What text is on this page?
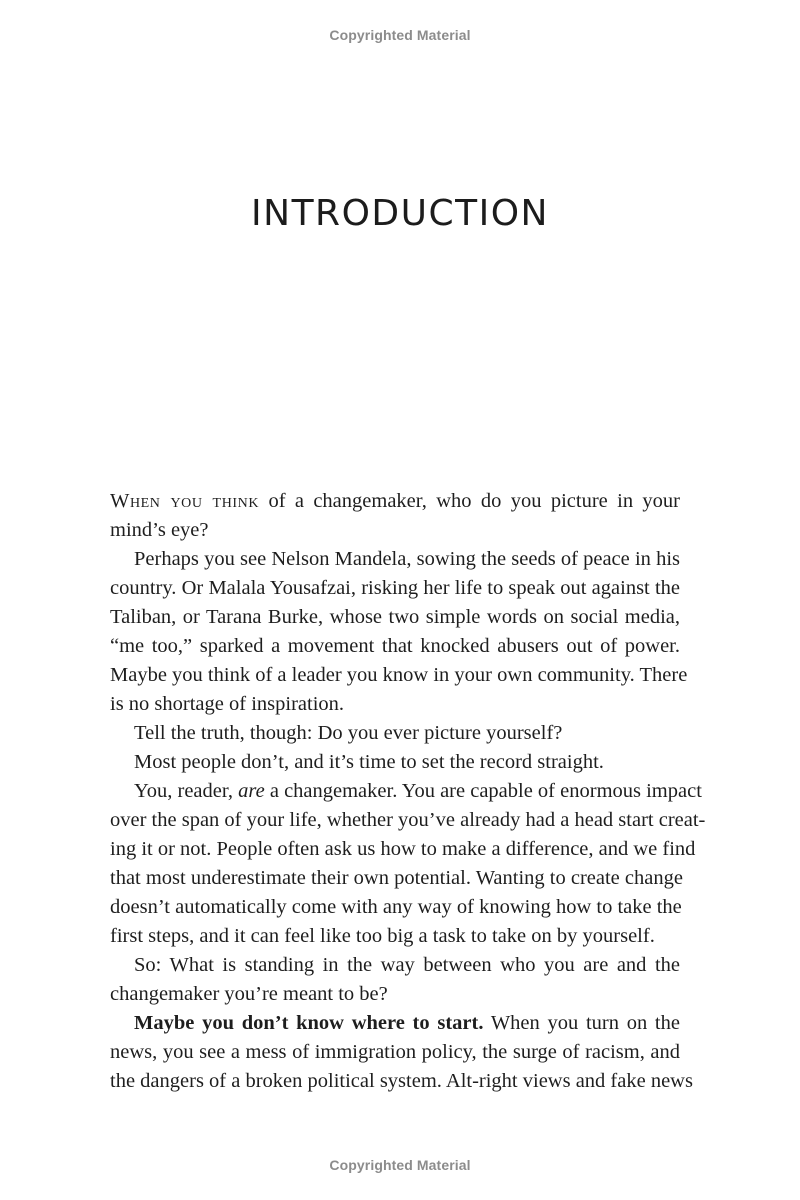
Copyrighted Material
INTRODUCTION
When you think of a changemaker, who do you picture in your
mind’s eye?
Perhaps you see Nelson Mandela, sowing the seeds of peace in his
country. Or Malala Yousafzai, risking her life to speak out against the
Taliban, or Tarana Burke, whose two simple words on social media,
“me too,” sparked a movement that knocked abusers out of power.
Maybe you think of a leader you know in your own community. There
is no shortage of inspiration.
Tell the truth, though: Do you ever picture yourself?
Most people don’t, and it’s time to set the record straight.
You, reader, are a changemaker. You are capable of enormous impact
over the span of your life, whether you’ve already had a head start creat-
ing it or not. People often ask us how to make a difference, and we find
that most underestimate their own potential. Wanting to create change
doesn’t automatically come with any way of knowing how to take the
first steps, and it can feel like too big a task to take on by yourself.
So: What is standing in the way between who you are and the
changemaker you’re meant to be?
Maybe you don’t know where to start. When you turn on the
news, you see a mess of immigration policy, the surge of racism, and
the dangers of a broken political system. Alt-right views and fake news
Copyrighted Material
